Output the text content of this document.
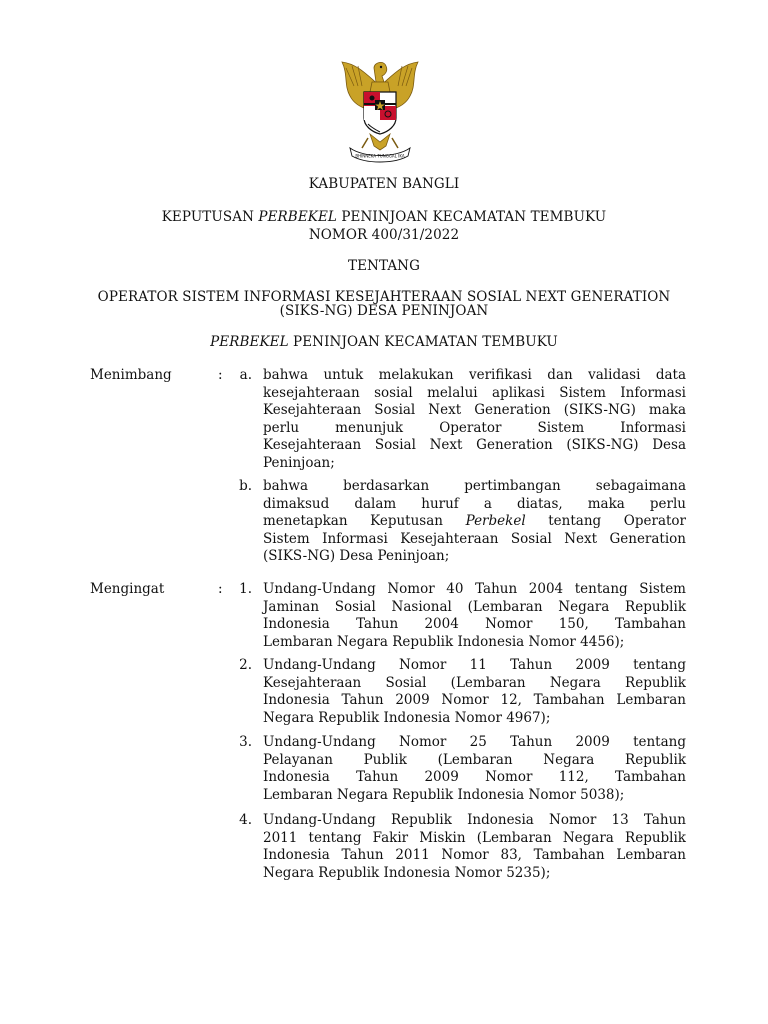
BHINNEKA TUNGGAL IKA
KABUPATEN BANGLI
KEPUTUSAN PERBEKEL PENINJOAN KECAMATAN TEMBUKU
NOMOR 400/31/2022
TENTANG
OPERATOR SISTEM INFORMASI KESEJAHTERAAN SOSIAL NEXT GENERATION
(SIKS-NG) DESA PENINJOAN
PERBEKEL PENINJOAN KECAMATAN TEMBUKU
Menimbang	:	a. bahwa untuk melakukan verifikasi dan validasi data
kesejahteraan sosial melalui aplikasi Sistem Informasi
Kesejahteraan Sosial Next Generation (SIKS-NG) maka
perlu menunjuk Operator Sistem Informasi
Kesejahteraan Sosial Next Generation (SIKS-NG) Desa
Peninjoan;
b. bahwa berdasarkan pertimbangan sebagaimana
dimaksud dalam huruf a diatas, maka perlu
menetapkan Keputusan Perbekel tentang Operator
Sistem Informasi Kesejahteraan Sosial Next Generation
(SIKS-NG) Desa Peninjoan;
Mengingat	:	1. Undang-Undang Nomor 40 Tahun 2004 tentang Sistem
Jaminan Sosial Nasional (Lembaran Negara Republik
Indonesia Tahun 2004 Nomor 150, Tambahan
Lembaran Negara Republik Indonesia Nomor 4456);
2. Undang-Undang Nomor 11 Tahun 2009 tentang
Kesejahteraan Sosial (Lembaran Negara Republik
Indonesia Tahun 2009 Nomor 12, Tambahan Lembaran
Negara Republik Indonesia Nomor 4967);
3. Undang-Undang Nomor 25 Tahun 2009 tentang
Pelayanan Publik (Lembaran Negara Republik
Indonesia Tahun 2009 Nomor 112, Tambahan
Lembaran Negara Republik Indonesia Nomor 5038);
4. Undang-Undang Republik Indonesia Nomor 13 Tahun
2011 tentang Fakir Miskin (Lembaran Negara Republik
Indonesia Tahun 2011 Nomor 83, Tambahan Lembaran
Negara Republik Indonesia Nomor 5235);
